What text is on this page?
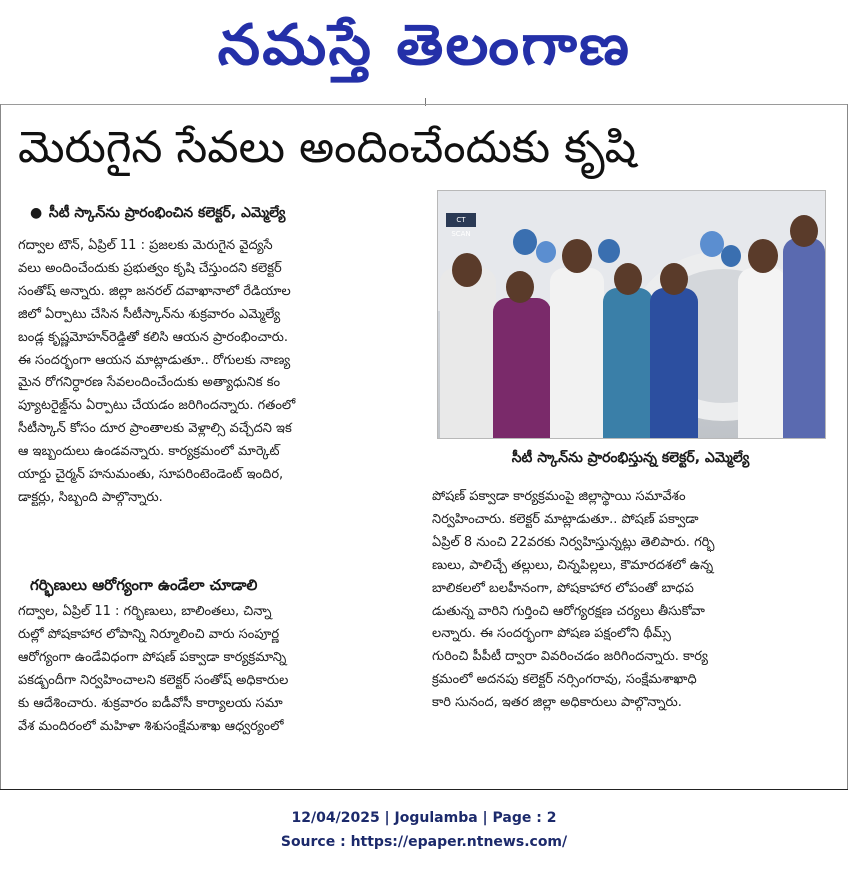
నమస్తే తెలంగాణ
మెరుగైన సేవలు అందించేందుకు కృషి
● సీటీ స్కాన్‌ను ప్రారంభించిన కలెక్టర్, ఎమ్మెల్యే
గద్వాల టౌన్, ఏప్రిల్ 11 : ప్రజలకు మెరుగైన వైద్యసే
వలు అందించేందుకు ప్రభుత్వం కృషి చేస్తుందని కలెక్టర్
సంతోష్ అన్నారు. జిల్లా జనరల్ దవాఖానాలో రేడియాల
జిలో ఏర్పాటు చేసిన సీటీస్కాన్‌ను శుక్రవారం ఎమ్మెల్యే
బండ్ల కృష్ణమోహన్‌రెడ్డితో కలిసి ఆయన ప్రారంభించారు.
ఈ సందర్భంగా ఆయన మాట్లాడుతూ.. రోగులకు నాణ్య
మైన రోగనిర్ధారణ సేవలందించేందుకు అత్యాధునిక కం
ప్యూటరైజ్డ్‌ను ఏర్పాటు చేయడం జరిగిందన్నారు. గతంలో
సీటీస్కాన్ కోసం దూర ప్రాంతాలకు వెళ్లాల్సి వచ్చేదని ఇక
ఆ ఇబ్బందులు ఉండవన్నారు. కార్యక్రమంలో మార్కెట్
యార్డు చైర్మన్ హనుమంతు, సూపరింటెండెంట్ ఇందిర,
డాక్టర్లు, సిబ్బంది పాల్గొన్నారు.
CT SCAN
సీటీ స్కాన్‌ను ప్రారంభిస్తున్న కలెక్టర్, ఎమ్మెల్యే
గర్భిణులు ఆరోగ్యంగా ఉండేలా చూడాలి
గద్వాల, ఏప్రిల్ 11 : గర్భిణులు, బాలింతలు, చిన్నా
రుల్లో పోషకాహార లోపాన్ని నిర్మూలించి వారు సంపూర్ణ
ఆరోగ్యంగా ఉండేవిధంగా పోషణ్ పక్వాడా కార్యక్రమాన్ని
పకడ్బందీగా నిర్వహించాలని కలెక్టర్ సంతోష్ అధికారుల
కు ఆదేశించారు. శుక్రవారం ఐడీవోసీ కార్యాలయ సమా
వేశ మందిరంలో మహిళా శిశుసంక్షేమశాఖ ఆధ్వర్యంలో
పోషణ్ పక్వాడా కార్యక్రమంపై జిల్లాస్థాయి సమావేశం
నిర్వహించారు. కలెక్టర్ మాట్లాడుతూ.. పోషణ్ పక్వాడా
ఏప్రిల్ 8 నుంచి 22వరకు నిర్వహిస్తున్నట్లు తెలిపారు. గర్భి
ణులు, పాలిచ్చే తల్లులు, చిన్నపిల్లలు, కౌమారదశలో ఉన్న
బాలికలలో బలహీనంగా, పోషకాహార లోపంతో బాధప
డుతున్న వారిని గుర్తించి ఆరోగ్యరక్షణ చర్యలు తీసుకోవా
లన్నారు. ఈ సందర్భంగా పోషణ పక్షంలోని థీమ్స్
గురించి పీపీటీ ద్వారా వివరించడం జరిగిందన్నారు. కార్య
క్రమంలో అదనపు కలెక్టర్ నర్సింగరావు, సంక్షేమశాఖాధి
కారి సునంద, ఇతర జిల్లా అధికారులు పాల్గొన్నారు.
12/04/2025 | Jogulamba | Page : 2
Source : https://epaper.ntnews.com/
